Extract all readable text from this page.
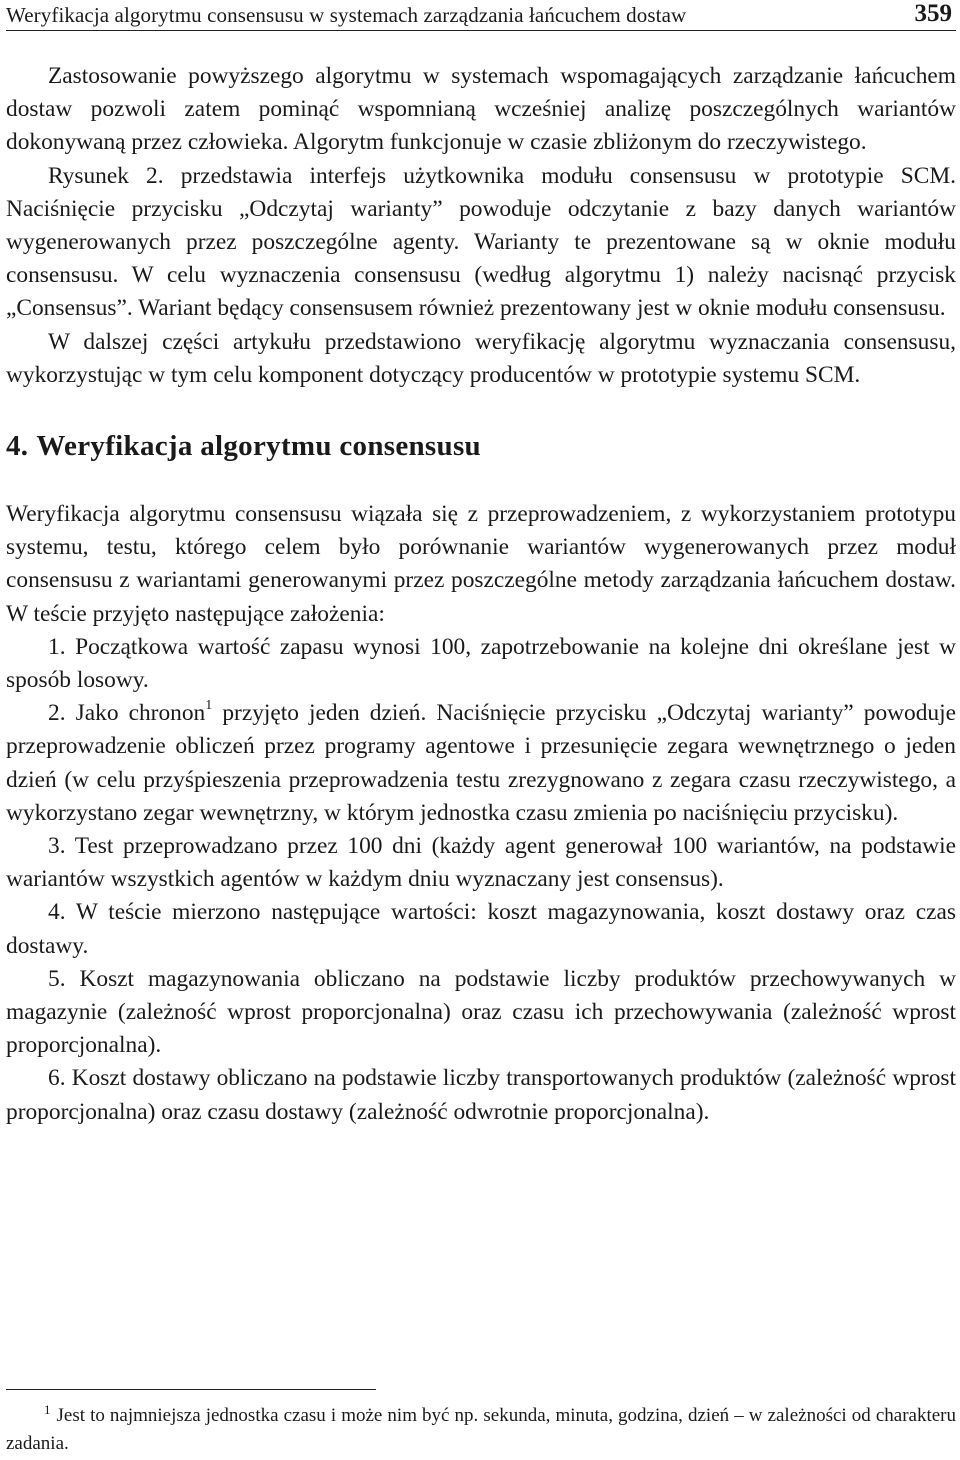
Weryfikacja algorytmu consensusu w systemach zarządzania łańcuchem dostaw	359

Zastosowanie powyższego algorytmu w systemach wspomagających zarządzanie łańcuchem dostaw pozwoli zatem pominąć wspomnianą wcześniej analizę poszczególnych wariantów dokonywaną przez człowieka. Algorytm funkcjonuje w czasie zbliżonym do rzeczywistego.

Rysunek 2. przedstawia interfejs użytkownika modułu consensusu w prototypie SCM. Naciśnięcie przycisku „Odczytaj warianty” powoduje odczytanie z bazy danych wariantów wygenerowanych przez poszczególne agenty. Warianty te prezentowane są w oknie modułu consensusu. W celu wyznaczenia consensusu (według algorytmu 1) należy nacisnąć przycisk „Consensus”. Wariant będący consensusem również prezentowany jest w oknie modułu consensusu.

W dalszej części artykułu przedstawiono weryfikację algorytmu wyznaczania consensusu, wykorzystując w tym celu komponent dotyczący producentów w prototypie systemu SCM.

4. Weryfikacja algorytmu consensusu

Weryfikacja algorytmu consensusu wiązała się z przeprowadzeniem, z wykorzystaniem prototypu systemu, testu, którego celem było porównanie wariantów wygenerowanych przez moduł consensusu z wariantami generowanymi przez poszczególne metody zarządzania łańcuchem dostaw. W teście przyjęto następujące założenia:

1. Początkowa wartość zapasu wynosi 100, zapotrzebowanie na kolejne dni określane jest w sposób losowy.

2. Jako chronon$^1$ przyjęto jeden dzień. Naciśnięcie przycisku „Odczytaj warianty” powoduje przeprowadzenie obliczeń przez programy agentowe i przesunięcie zegara wewnętrznego o jeden dzień (w celu przyśpieszenia przeprowadzenia testu zrezygnowano z zegara czasu rzeczywistego, a wykorzystano zegar wewnętrzny, w którym jednostka czasu zmienia po naciśnięciu przycisku).

3. Test przeprowadzano przez 100 dni (każdy agent generował 100 wariantów, na podstawie wariantów wszystkich agentów w każdym dniu wyznaczany jest consensus).

4. W teście mierzono następujące wartości: koszt magazynowania, koszt dostawy oraz czas dostawy.

5. Koszt magazynowania obliczano na podstawie liczby produktów przechowywanych w magazynie (zależność wprost proporcjonalna) oraz czasu ich przechowywania (zależność wprost proporcjonalna).

6. Koszt dostawy obliczano na podstawie liczby transportowanych produktów (zależność wprost proporcjonalna) oraz czasu dostawy (zależność odwrotnie proporcjonalna).

$^1$ Jest to najmniejsza jednostka czasu i może nim być np. sekunda, minuta, godzina, dzień – w zależności od charakteru zadania.
